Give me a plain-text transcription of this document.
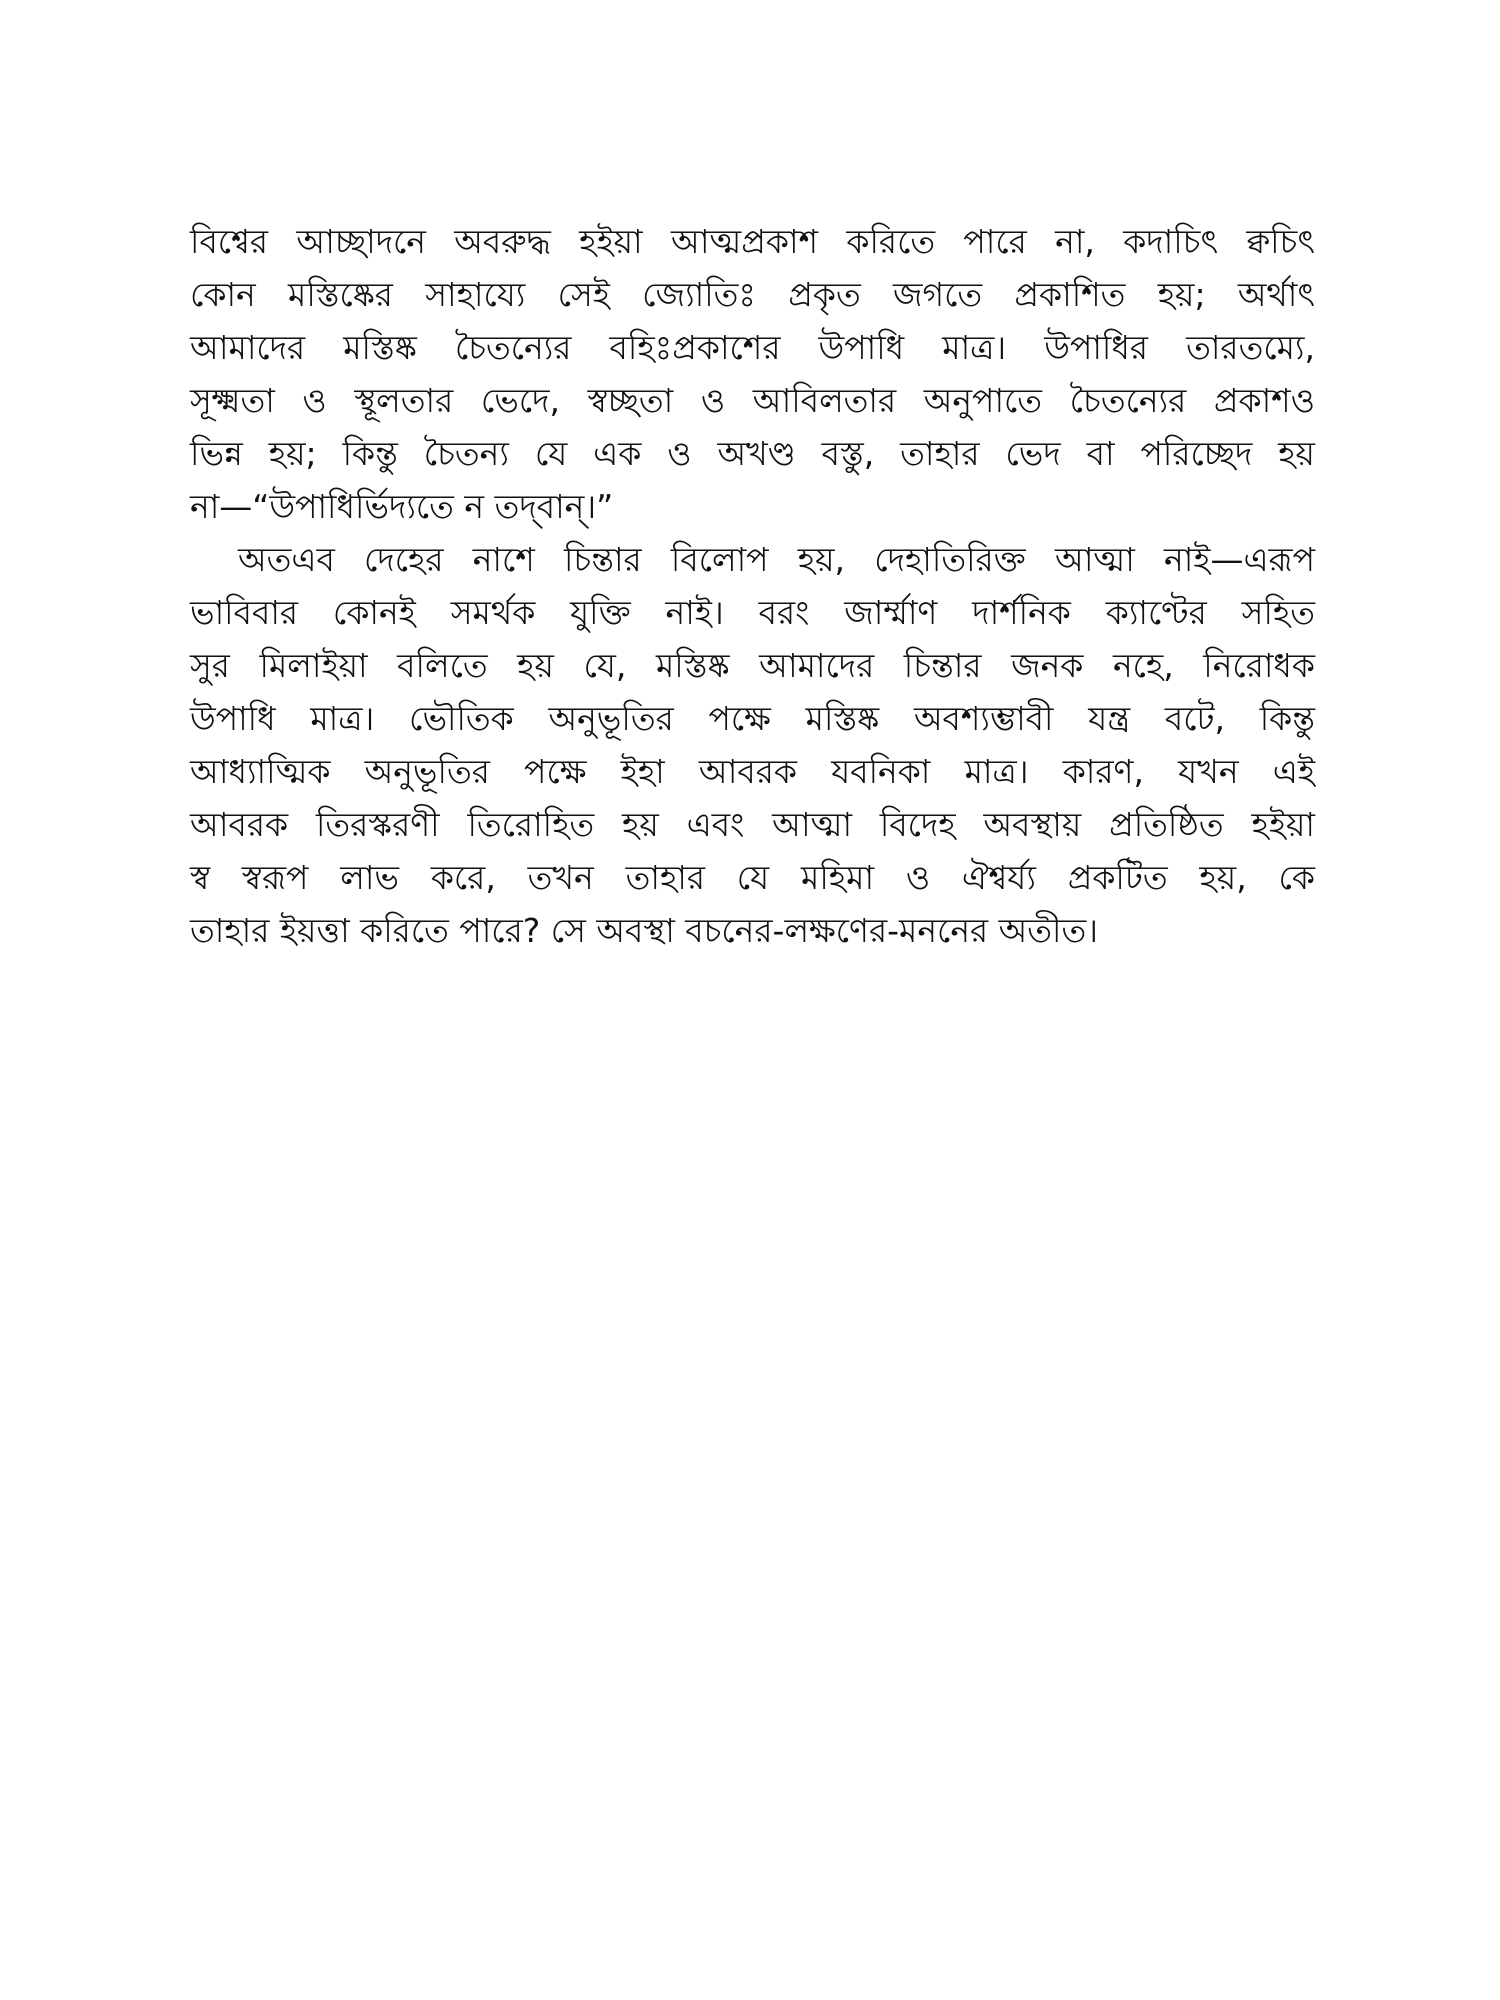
বিশ্বের আচ্ছাদনে অবরুদ্ধ হইয়া আত্মপ্রকাশ করিতে পারে না, কদাচিৎ ক্বচিৎ
কোন মস্তিষ্কের সাহায্যে সেই জ্যোতিঃ প্রকৃত জগতে প্রকাশিত হয়; অর্থাৎ
আমাদের মস্তিষ্ক চৈতন্যের বহিঃপ্রকাশের উপাধি মাত্র। উপাধির তারতম্যে,
সূক্ষ্মতা ও স্থূলতার ভেদে, স্বচ্ছতা ও আবিলতার অনুপাতে চৈতন্যের প্রকাশও
ভিন্ন হয়; কিন্তু চৈতন্য যে এক ও অখণ্ড বস্তু, তাহার ভেদ বা পরিচ্ছেদ হয়
না—“উপাধির্ভিদ্যতে ন তদ্‌বান্।”
অতএব দেহের নাশে চিন্তার বিলোপ হয়, দেহাতিরিক্ত আত্মা নাই—এরূপ
ভাবিবার কোনই সমর্থক যুক্তি নাই। বরং জার্ম্মাণ দার্শনিক ক্যাণ্টের সহিত
সুর মিলাইয়া বলিতে হয় যে, মস্তিষ্ক আমাদের চিন্তার জনক নহে, নিরোধক
উপাধি মাত্র। ভৌতিক অনুভূতির পক্ষে মস্তিষ্ক অবশ্যম্ভাবী যন্ত্র বটে, কিন্তু
আধ্যাত্মিক অনুভূতির পক্ষে ইহা আবরক যবনিকা মাত্র। কারণ, যখন এই
আবরক তিরস্করণী তিরোহিত হয় এবং আত্মা বিদেহ অবস্থায় প্রতিষ্ঠিত হইয়া
স্ব স্বরূপ লাভ করে, তখন তাহার যে মহিমা ও ঐশ্বর্য্য প্রকটিত হয়, কে
তাহার ইয়ত্তা করিতে পারে? সে অবস্থা বচনের-লক্ষণের-মননের অতীত।
